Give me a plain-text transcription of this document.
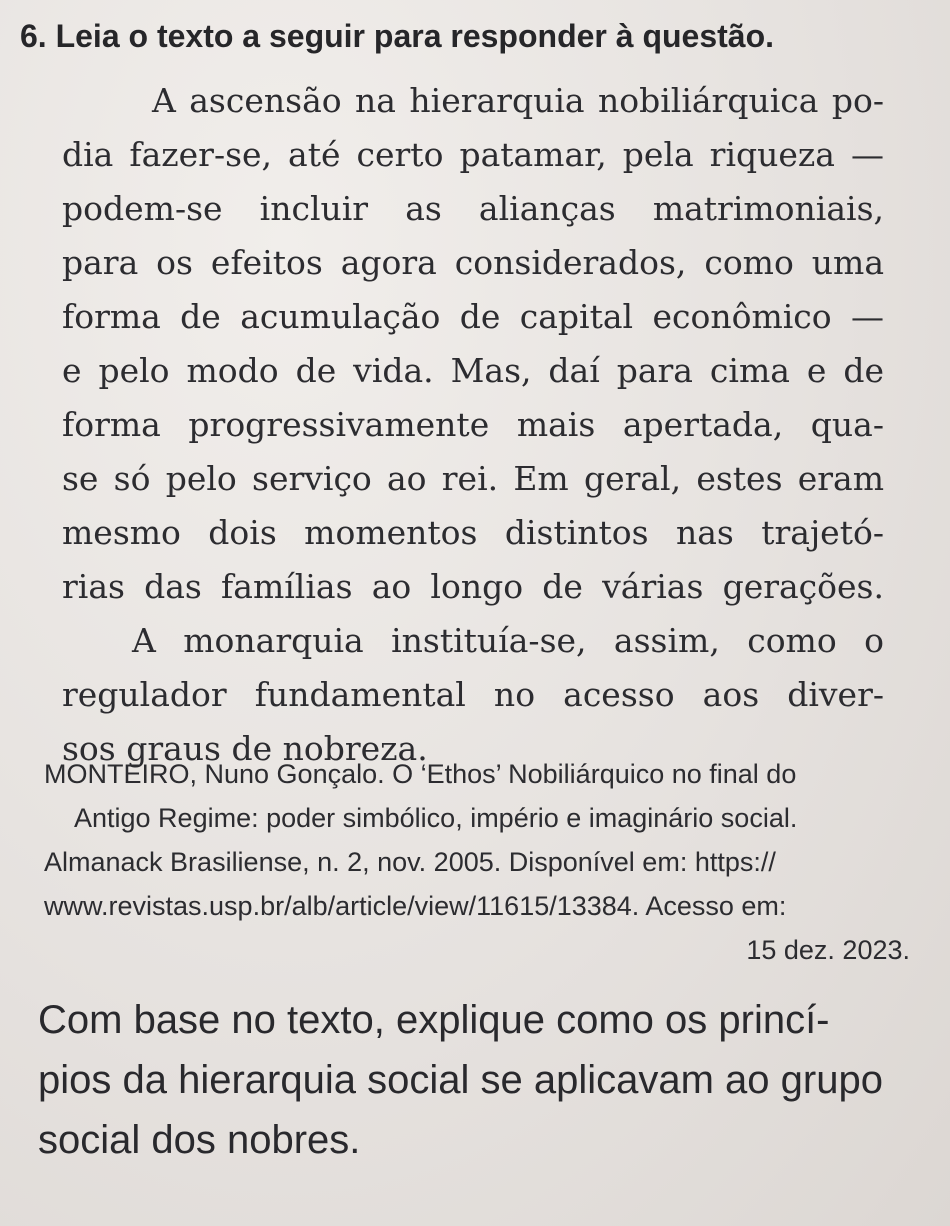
6. Leia o texto a seguir para responder à questão.
A ascensão na hierarquia nobiliárquica po-
dia fazer-se, até certo patamar, pela riqueza —
podem-se incluir as alianças matrimoniais,
para os efeitos agora considerados, como uma
forma de acumulação de capital econômico —
e pelo modo de vida. Mas, daí para cima e de
forma progressivamente mais apertada, qua-
se só pelo serviço ao rei. Em geral, estes eram
mesmo dois momentos distintos nas trajetó-
rias das famílias ao longo de várias gerações.
A monarquia instituía-se, assim, como o
regulador fundamental no acesso aos diver-
sos graus de nobreza.
MONTEIRO, Nuno Gonçalo. O ‘Ethos’ Nobiliárquico no final do
Antigo Regime: poder simbólico, império e imaginário social.
Almanack Brasiliense, n. 2, nov. 2005. Disponível em: https://
www.revistas.usp.br/alb/article/view/11615/13384. Acesso em:
15 dez. 2023.
Com base no texto, explique como os princí-
pios da hierarquia social se aplicavam ao grupo
social dos nobres.
